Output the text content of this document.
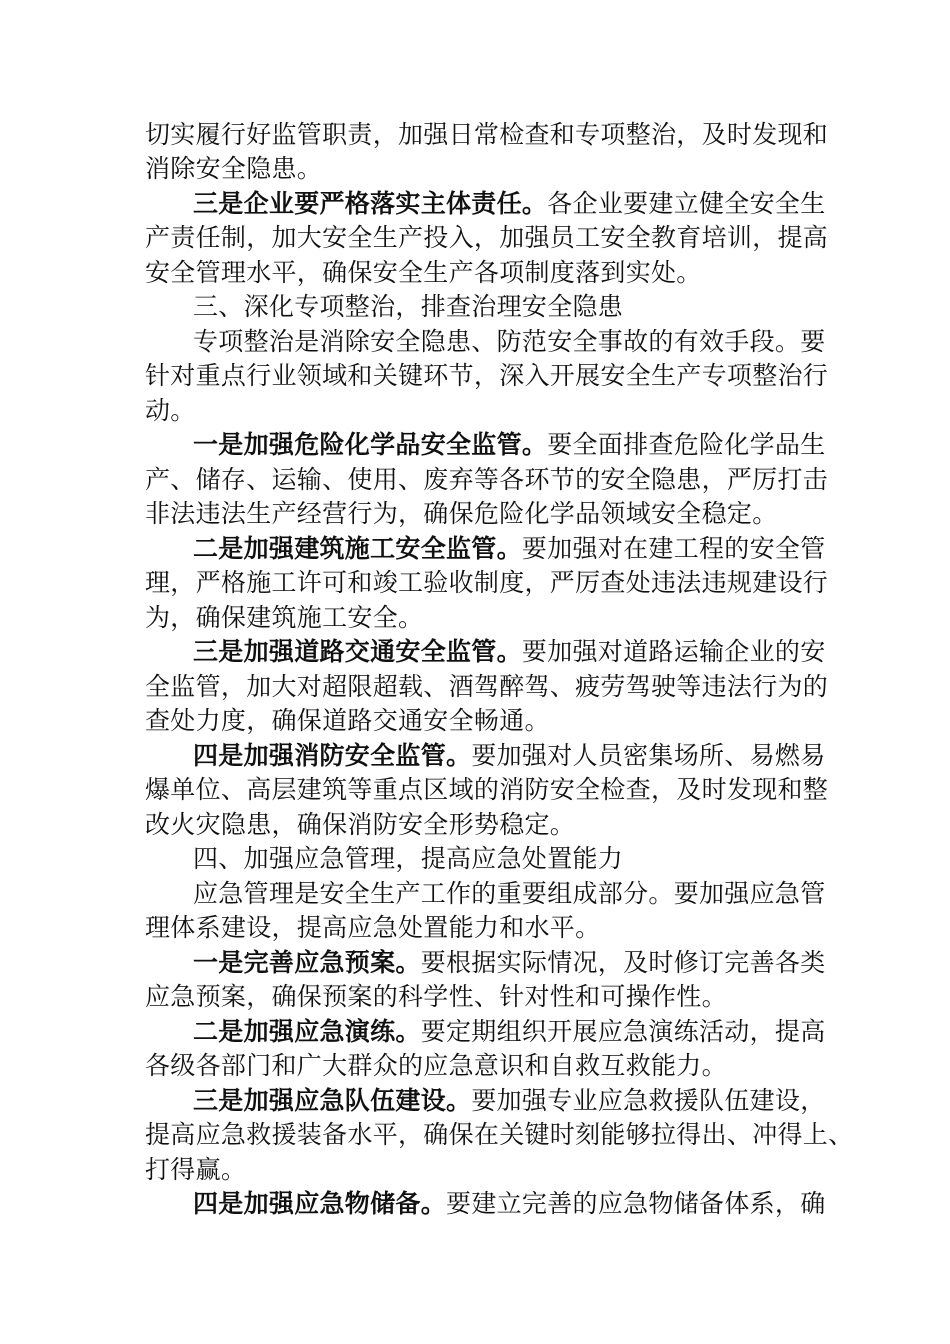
切实履行好监管职责，加强日常检查和专项整治，及时发现和
消除安全隐患。
三是企业要严格落实主体责任。各企业要建立健全安全生
产责任制，加大安全生产投入，加强员工安全教育培训，提高
安全管理水平，确保安全生产各项制度落到实处。
三、深化专项整治，排查治理安全隐患
专项整治是消除安全隐患、防范安全事故的有效手段。要
针对重点行业领域和关键环节，深入开展安全生产专项整治行
动。
一是加强危险化学品安全监管。要全面排查危险化学品生
产、储存、运输、使用、废弃等各环节的安全隐患，严厉打击
非法违法生产经营行为，确保危险化学品领域安全稳定。
二是加强建筑施工安全监管。要加强对在建工程的安全管
理，严格施工许可和竣工验收制度，严厉查处违法违规建设行
为，确保建筑施工安全。
三是加强道路交通安全监管。要加强对道路运输企业的安
全监管，加大对超限超载、酒驾醉驾、疲劳驾驶等违法行为的
查处力度，确保道路交通安全畅通。
四是加强消防安全监管。要加强对人员密集场所、易燃易
爆单位、高层建筑等重点区域的消防安全检查，及时发现和整
改火灾隐患，确保消防安全形势稳定。
四、加强应急管理，提高应急处置能力
应急管理是安全生产工作的重要组成部分。要加强应急管
理体系建设，提高应急处置能力和水平。
一是完善应急预案。要根据实际情况，及时修订完善各类
应急预案，确保预案的科学性、针对性和可操作性。
二是加强应急演练。要定期组织开展应急演练活动，提高
各级各部门和广大群众的应急意识和自救互救能力。
三是加强应急队伍建设。要加强专业应急救援队伍建设，
提高应急救援装备水平，确保在关键时刻能够拉得出、冲得上、
打得赢。
四是加强应急物储备。要建立完善的应急物储备体系，确
